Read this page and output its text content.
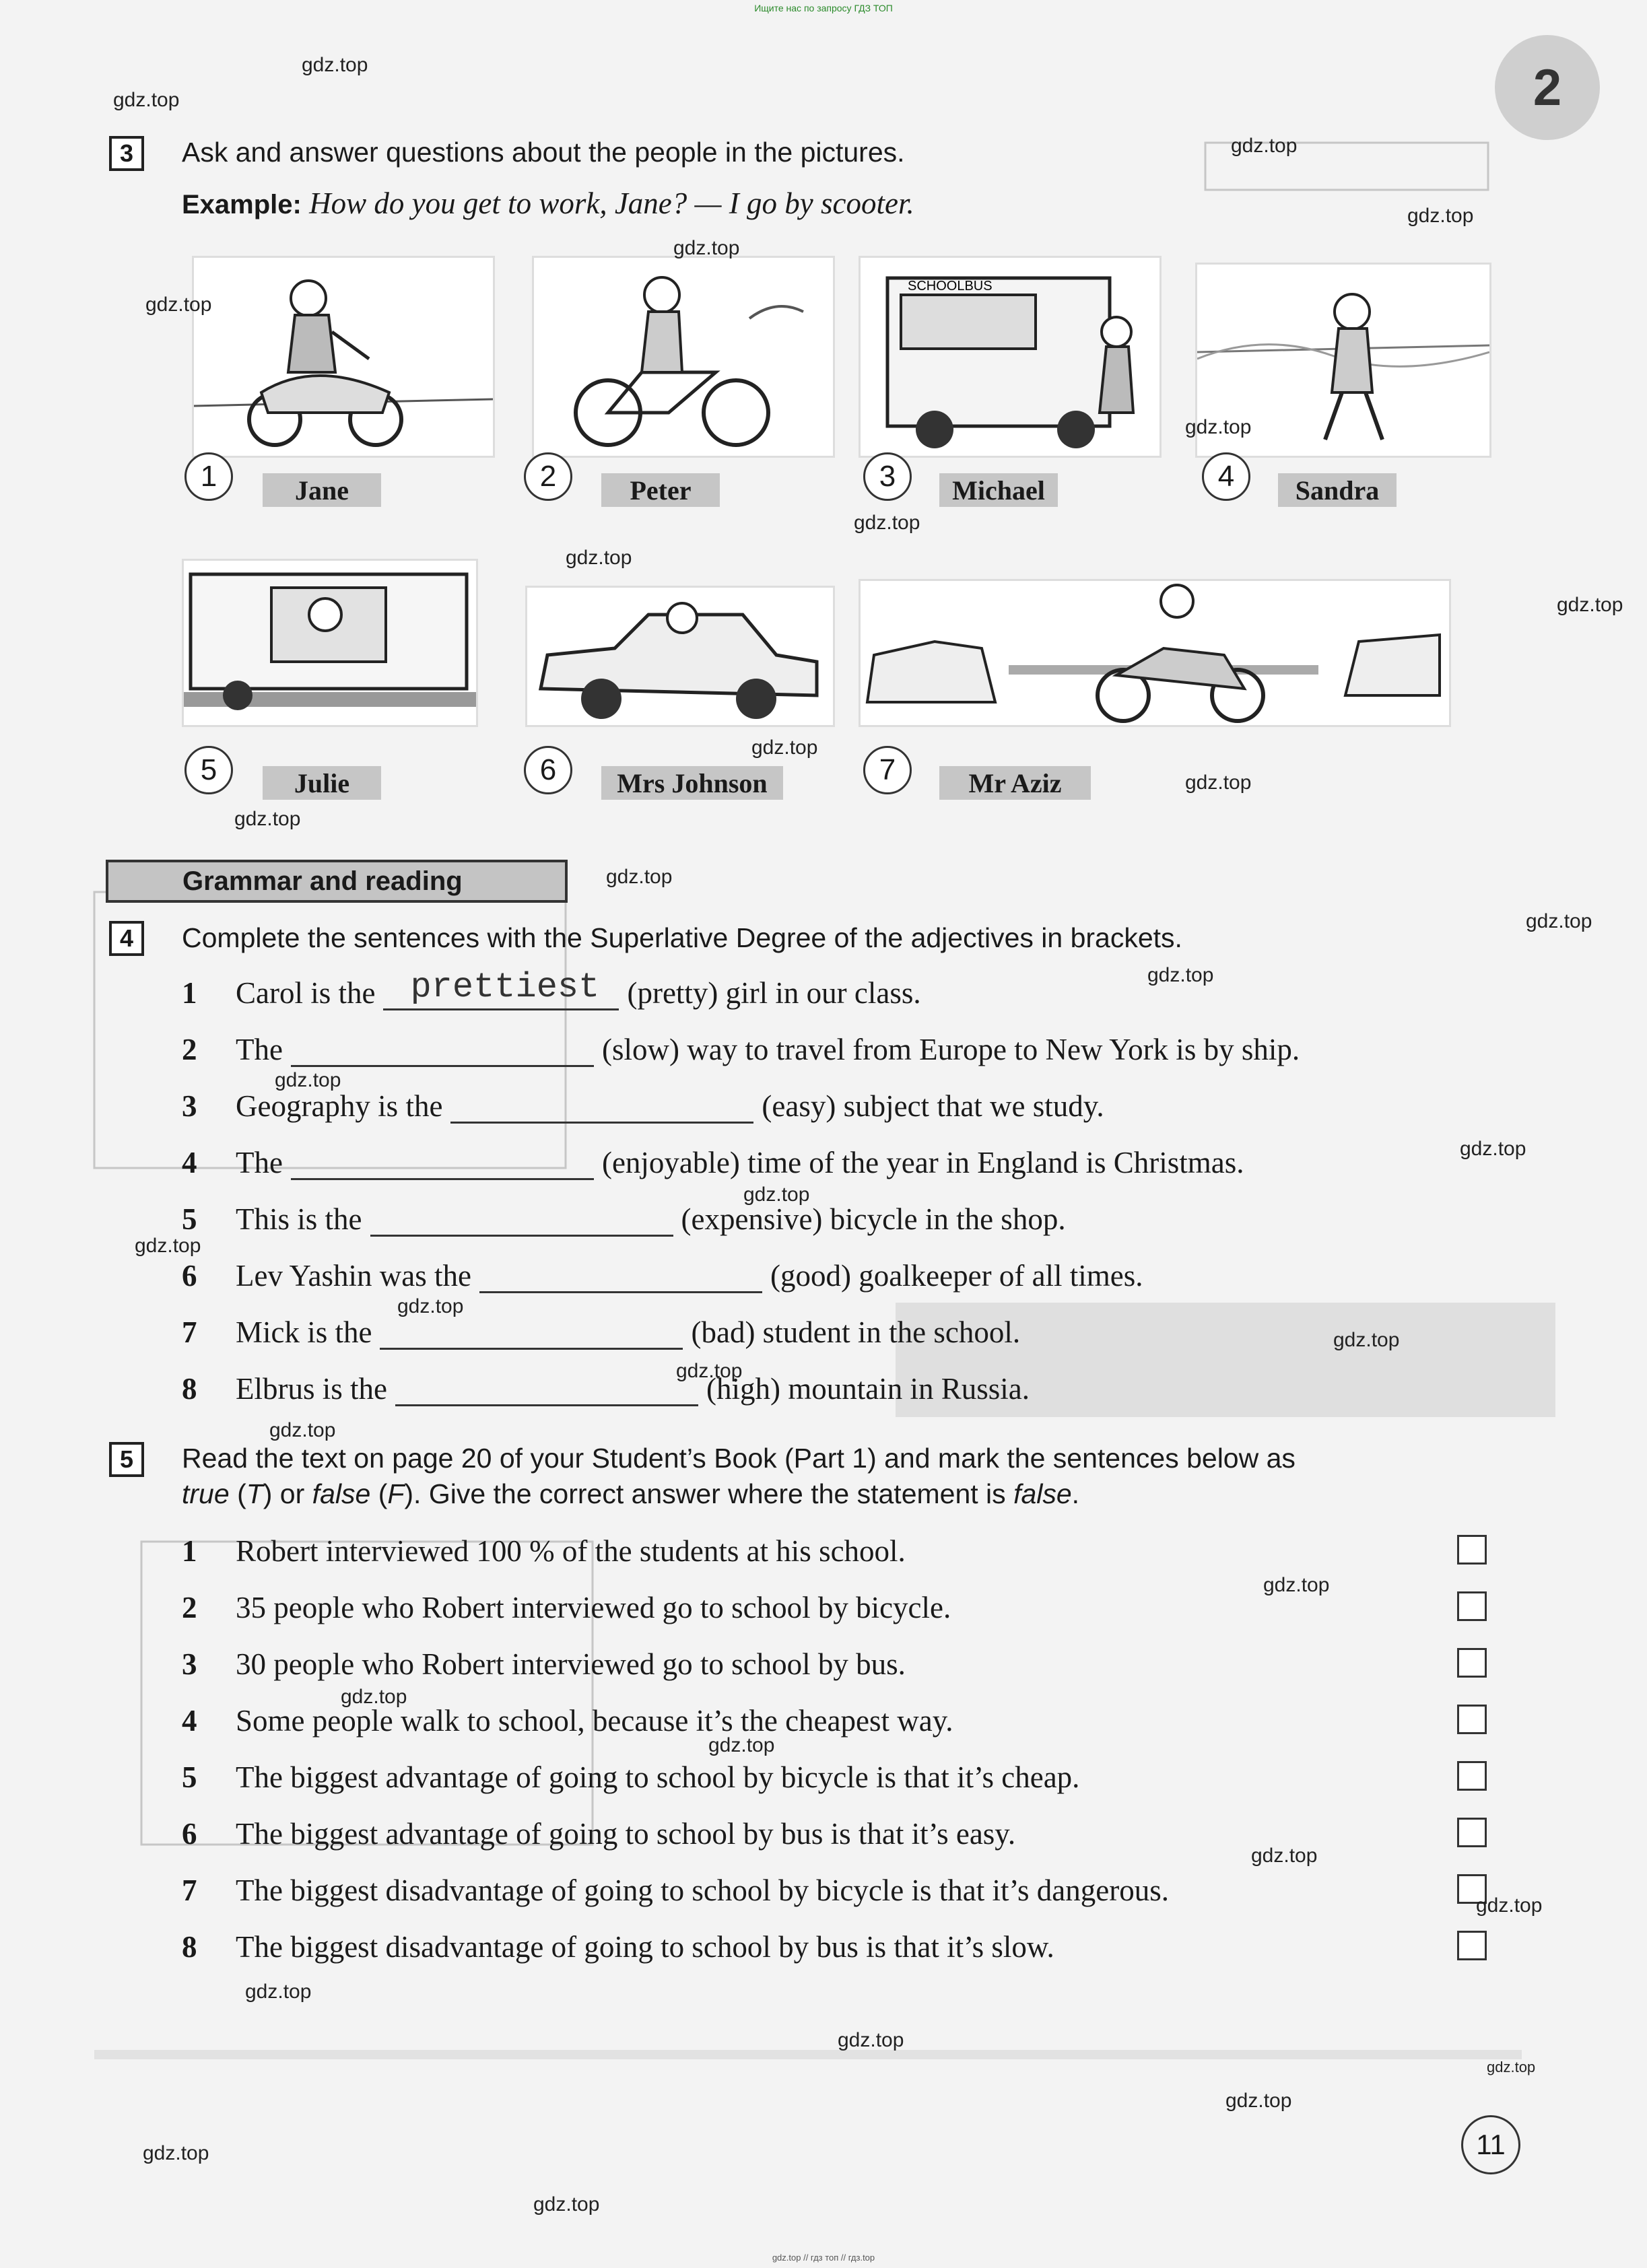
Ищите нас по запросу ГДЗ ТОП
2
3	Ask and answer questions about the people in the pictures.
Example: How do you get to work, Jane? — I go by scooter.
SCHOOLBUS
1	Jane	2	Peter	3	Michael	4	Sandra
5	Julie	6	Mrs Johnson	7	Mr Aziz
Grammar and reading
4	Complete the sentences with the Superlative Degree of the adjectives in brackets.
1	Carol is the prettiest (pretty) girl in our class.
2	The	(slow) way to travel from Europe to New York is by ship.
3	Geography is the	(easy) subject that we study.
4	The	(enjoyable) time of the year in England is Christmas.
5	This is the	(expensive) bicycle in the shop.
6	Lev Yashin was the	(good) goalkeeper of all times.
7	Mick is the	(bad) student in the school.
8	Elbrus is the	(high) mountain in Russia.
5	Read the text on page 20 of your Student’s Book (Part 1) and mark the sentences below as
true (T) or false (F). Give the correct answer where the statement is false.
1 Robert interviewed 100 % of the students at his school.
2 35 people who Robert interviewed go to school by bicycle.
3 30 people who Robert interviewed go to school by bus.
4 Some people walk to school, because it’s the cheapest way.
5 The biggest advantage of going to school by bicycle is that it’s cheap.
6 The biggest advantage of going to school by bus is that it’s easy.
7 The biggest disadvantage of going to school by bicycle is that it’s dangerous.
8 The biggest disadvantage of going to school by bus is that it’s slow.
11
gdz.top
gdz.top
gdz.top
gdz.top
gdz.top
gdz.top
gdz.top
gdz.top
gdz.top
gdz.top
gdz.top
gdz.top
gdz.top
gdz.top
gdz.top
gdz.top
gdz.top
gdz.top
gdz.top
gdz.top
gdz.top
gdz.top
gdz.top
gdz.top
gdz.top
gdz.top
gdz.top
gdz.top
gdz.top
gdz.top
gdz.top
gdz.top
gdz.top
gdz.top
gdz.top
gdz.top // гдз топ // гдз.top
